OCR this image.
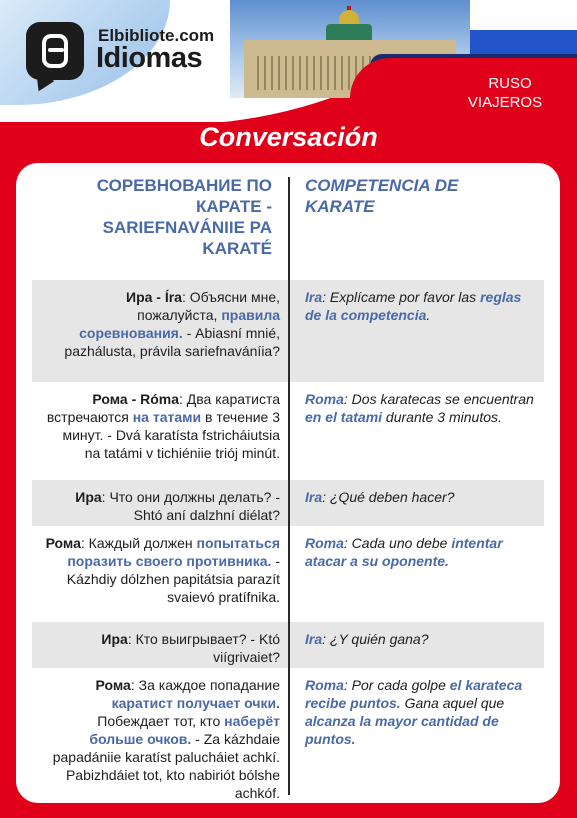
Elbibliote.com
Idiomas
RUSO
VIAJEROS
Conversación
СОРЕВНОВАНИЕ ПО КАРАТЕ - SARIEFNAVÁNIIE PA KARATÉ
COMPETENCIA DE KARATE
Ира - Íra: Объясни мне, пожалуйста, правила соревнования. - Abiasní mnié, pazhálusta, právila sariefnaváníia?
Ira: Explícame por favor las reglas de la competencia.
Рома - Róma: Два каратиста встречаются на татами в течение 3 минут. - Dvá karatísta fstricháiutsia na tatámi v tichiéniie triój minút.
Roma: Dos karatecas se encuentran en el tatami durante 3 minutos.
Ира: Что они должны делать? - Shtó aní dalzhní diélat?
Ira: ¿Qué deben hacer?
Рома: Каждый должен попытаться поразить своего противника. - Kázhdiy dólzhen papitátsia parazít svaievó pratífnika.
Roma: Cada uno debe intentar atacar a su oponente.
Ира: Кто выигрывает? - Któ viígrivaiet?
Ira: ¿Y quién gana?
Рома: За каждое попадание каратист получает очки. Побеждает тот, кто наберёт больше очков. - Za kázhdaie papadániie karatíst palucháiet achkí. Pabizhdáiet tot, kto nabiriót bólshe achkóf.
Roma: Por cada golpe el karateca recibe puntos. Gana aquel que alcanza la mayor cantidad de puntos.
